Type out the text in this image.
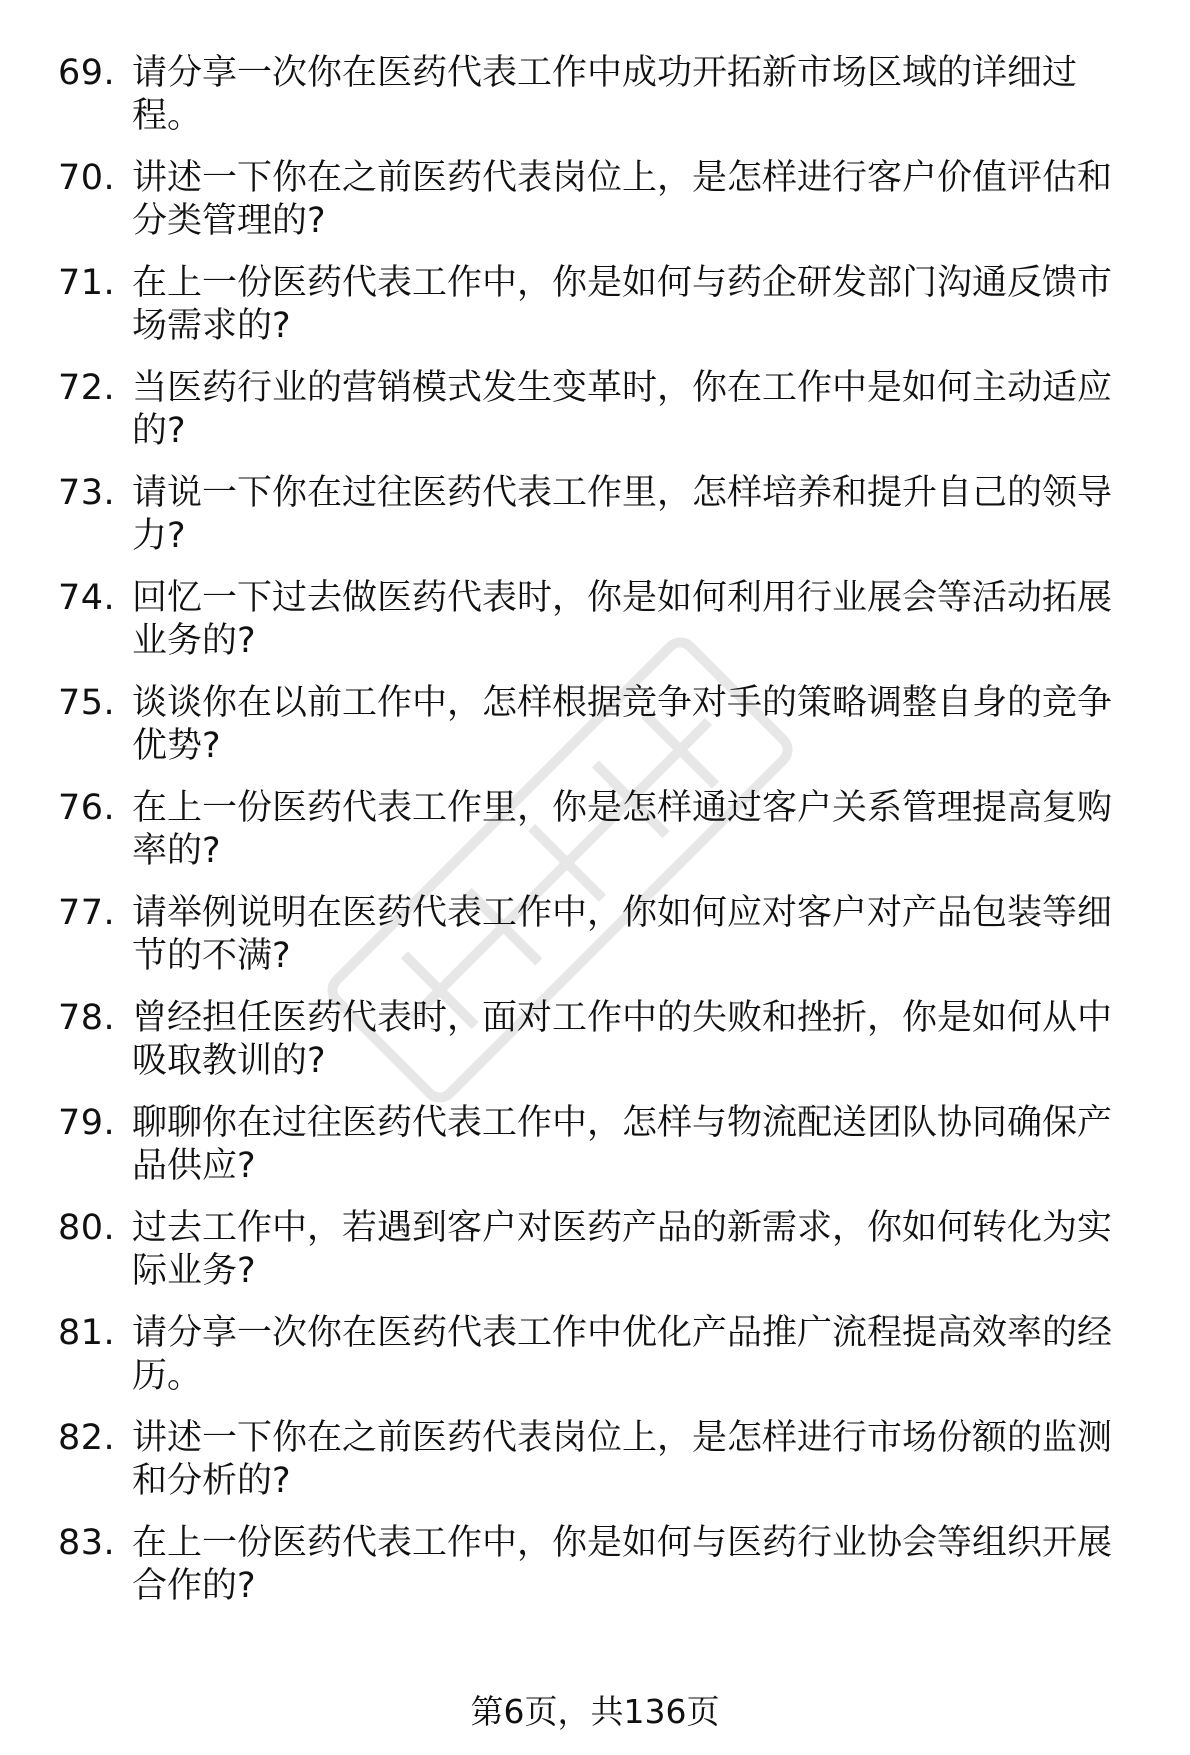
69. 请分享一次你在医药代表工作中成功开拓新市场区域的详细过程。
70. 讲述一下你在之前医药代表岗位上，是怎样进行客户价值评估和分类管理的?
71. 在上一份医药代表工作中，你是如何与药企研发部门沟通反馈市场需求的?
72. 当医药行业的营销模式发生变革时，你在工作中是如何主动适应的?
73. 请说一下你在过往医药代表工作里，怎样培养和提升自己的领导力?
74. 回忆一下过去做医药代表时，你是如何利用行业展会等活动拓展业务的?
75. 谈谈你在以前工作中，怎样根据竞争对手的策略调整自身的竞争优势?
76. 在上一份医药代表工作里，你是怎样通过客户关系管理提高复购率的?
77. 请举例说明在医药代表工作中，你如何应对客户对产品包装等细节的不满?
78. 曾经担任医药代表时，面对工作中的失败和挫折，你是如何从中吸取教训的?
79. 聊聊你在过往医药代表工作中，怎样与物流配送团队协同确保产品供应?
80. 过去工作中，若遇到客户对医药产品的新需求，你如何转化为实际业务?
81. 请分享一次你在医药代表工作中优化产品推广流程提高效率的经历。
82. 讲述一下你在之前医药代表岗位上，是怎样进行市场份额的监测和分析的?
83. 在上一份医药代表工作中，你是如何与医药行业协会等组织开展合作的?
第6页，共136页
